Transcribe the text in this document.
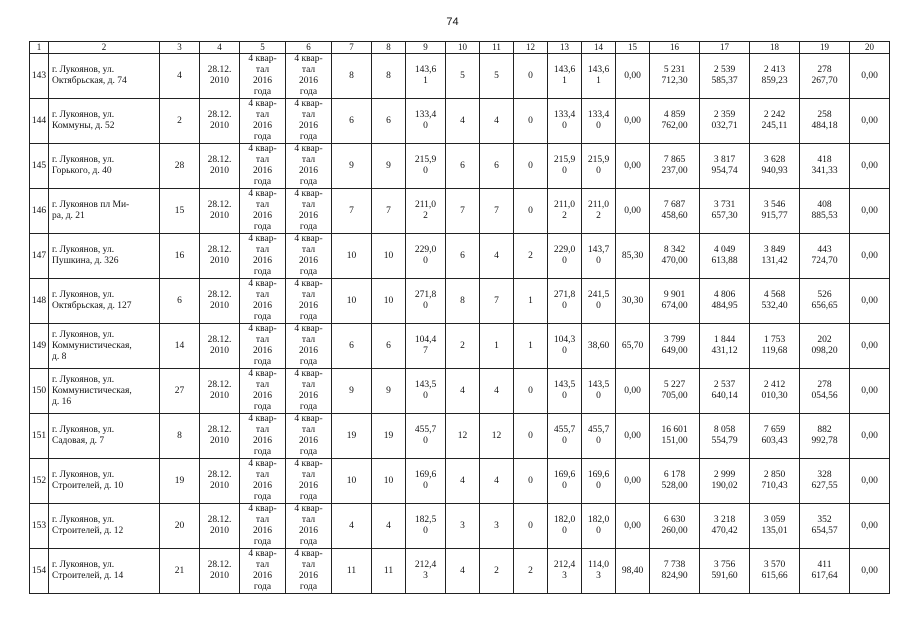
74
1	2	3	4	5	6	7	8	9	10	11	12	13	14	15	16	17	18	19	20
143	г. Лукоянов, ул.
Октябрьская, д. 74	4	28.12.
2010	4 квар-
тал
2016
года	4 квар-
тал
2016
года	8	8	143,6
1	5	5	0	143,6
1	143,6
1	0,00	5 231
712,30	2 539
585,37	2 413
859,23	278
267,70	0,00
144	г. Лукоянов, ул.
Коммуны, д. 52	2	28.12.
2010	4 квар-
тал
2016
года	4 квар-
тал
2016
года	6	6	133,4
0	4	4	0	133,4
0	133,4
0	0,00	4 859
762,00	2 359
032,71	2 242
245,11	258
484,18	0,00
145	г. Лукоянов, ул.
Горького, д. 40	28	28.12.
2010	4 квар-
тал
2016
года	4 квар-
тал
2016
года	9	9	215,9
0	6	6	0	215,9
0	215,9
0	0,00	7 865
237,00	3 817
954,74	3 628
940,93	418
341,33	0,00
146	г. Лукоянов пл Ми-
ра, д. 21	15	28.12.
2010	4 квар-
тал
2016
года	4 квар-
тал
2016
года	7	7	211,0
2	7	7	0	211,0
2	211,0
2	0,00	7 687
458,60	3 731
657,30	3 546
915,77	408
885,53	0,00
147	г. Лукоянов, ул.
Пушкина, д. 326	16	28.12.
2010	4 квар-
тал
2016
года	4 квар-
тал
2016
года	10	10	229,0
0	6	4	2	229,0
0	143,7
0	85,30	8 342
470,00	4 049
613,88	3 849
131,42	443
724,70	0,00
148	г. Лукоянов, ул.
Октябрьская, д. 127	6	28.12.
2010	4 квар-
тал
2016
года	4 квар-
тал
2016
года	10	10	271,8
0	8	7	1	271,8
0	241,5
0	30,30	9 901
674,00	4 806
484,95	4 568
532,40	526
656,65	0,00
149	г. Лукоянов, ул.
Коммунистическая,
д. 8	14	28.12.
2010	4 квар-
тал
2016
года	4 квар-
тал
2016
года	6	6	104,4
7	2	1	1	104,3
0	38,60	65,70	3 799
649,00	1 844
431,12	1 753
119,68	202
098,20	0,00
150	г. Лукоянов, ул.
Коммунистическая,
д. 16	27	28.12.
2010	4 квар-
тал
2016
года	4 квар-
тал
2016
года	9	9	143,5
0	4	4	0	143,5
0	143,5
0	0,00	5 227
705,00	2 537
640,14	2 412
010,30	278
054,56	0,00
151	г. Лукоянов, ул.
Садовая, д. 7	8	28.12.
2010	4 квар-
тал
2016
года	4 квар-
тал
2016
года	19	19	455,7
0	12	12	0	455,7
0	455,7
0	0,00	16 601
151,00	8 058
554,79	7 659
603,43	882
992,78	0,00
152	г. Лукоянов, ул.
Строителей, д. 10	19	28.12.
2010	4 квар-
тал
2016
года	4 квар-
тал
2016
года	10	10	169,6
0	4	4	0	169,6
0	169,6
0	0,00	6 178
528,00	2 999
190,02	2 850
710,43	328
627,55	0,00
153	г. Лукоянов, ул.
Строителей, д. 12	20	28.12.
2010	4 квар-
тал
2016
года	4 квар-
тал
2016
года	4	4	182,5
0	3	3	0	182,0
0	182,0
0	0,00	6 630
260,00	3 218
470,42	3 059
135,01	352
654,57	0,00
154	г. Лукоянов, ул.
Строителей, д. 14	21	28.12.
2010	4 квар-
тал
2016
года	4 квар-
тал
2016
года	11	11	212,4
3	4	2	2	212,4
3	114,0
3	98,40	7 738
824,90	3 756
591,60	3 570
615,66	411
617,64	0,00
